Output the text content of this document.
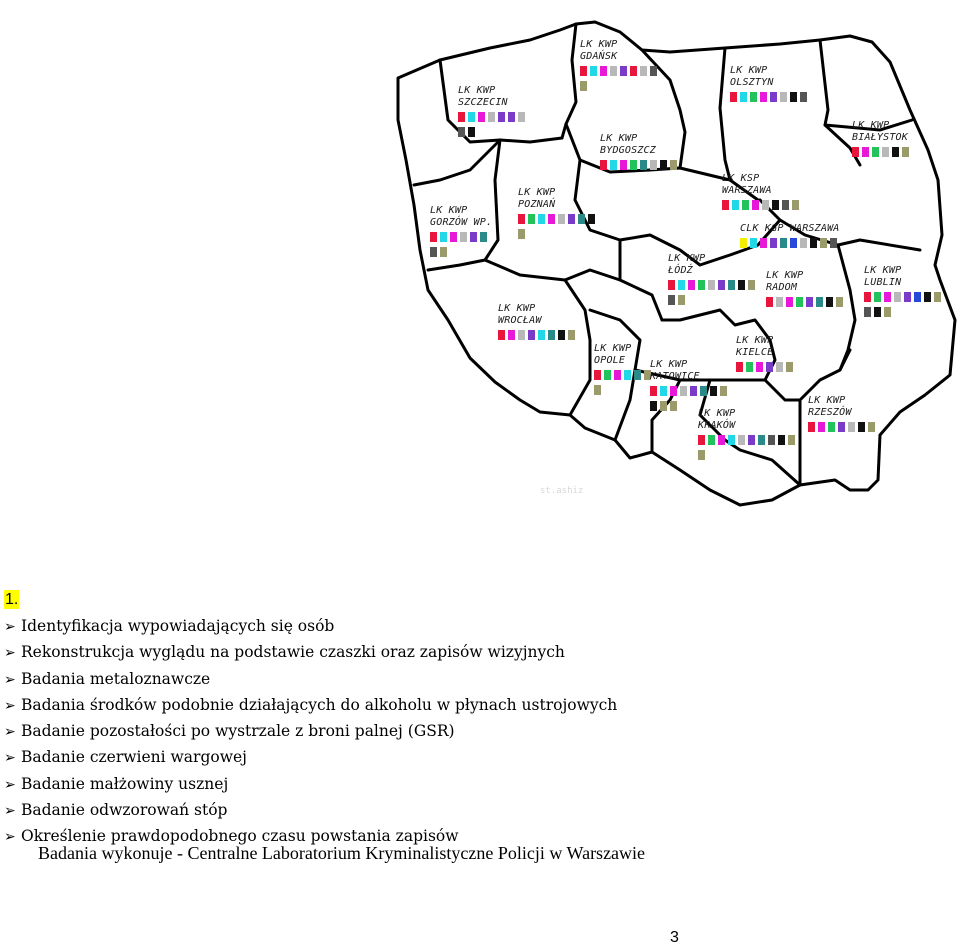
LK KWP
GDAŃSK
LK KWP
SZCZECIN
LK KWP
OLSZTYN
LK KWP
BIAŁYSTOK
LK KWP
BYDGOSZCZ
LK KWP
POZNAŃ
LK KWP
GORZÓW WP.
LK KSP
WARSZAWA
CLK KGP WARSZAWA
LK KWP
ŁÓDŹ	LK KWP
RADOM
LK KWP
LUBLIN
LK KWP
WROCŁAW
LK KWP
OPOLE
LK KWP
KIELCE
LK KWP
KATOWICE
LK KWP
KRAKÓW
LK KWP
RZESZÓW
st.ashiz
1.
➢ Identyfikacja wypowiadających się osób
➢ Rekonstrukcja wyglądu na podstawie czaszki oraz zapisów wizyjnych
➢ Badania metaloznawcze
➢ Badania środków podobnie działających do alkoholu w płynach ustrojowych
➢ Badanie pozostałości po wystrzale z broni palnej (GSR)
➢ Badanie czerwieni wargowej
➢ Badanie małżowiny usznej
➢ Badanie odwzorowań stóp
➢ Określenie prawdopodobnego czasu powstania zapisów
Badania wykonuje - Centralne Laboratorium Kryminalistyczne Policji w Warszawie
3
